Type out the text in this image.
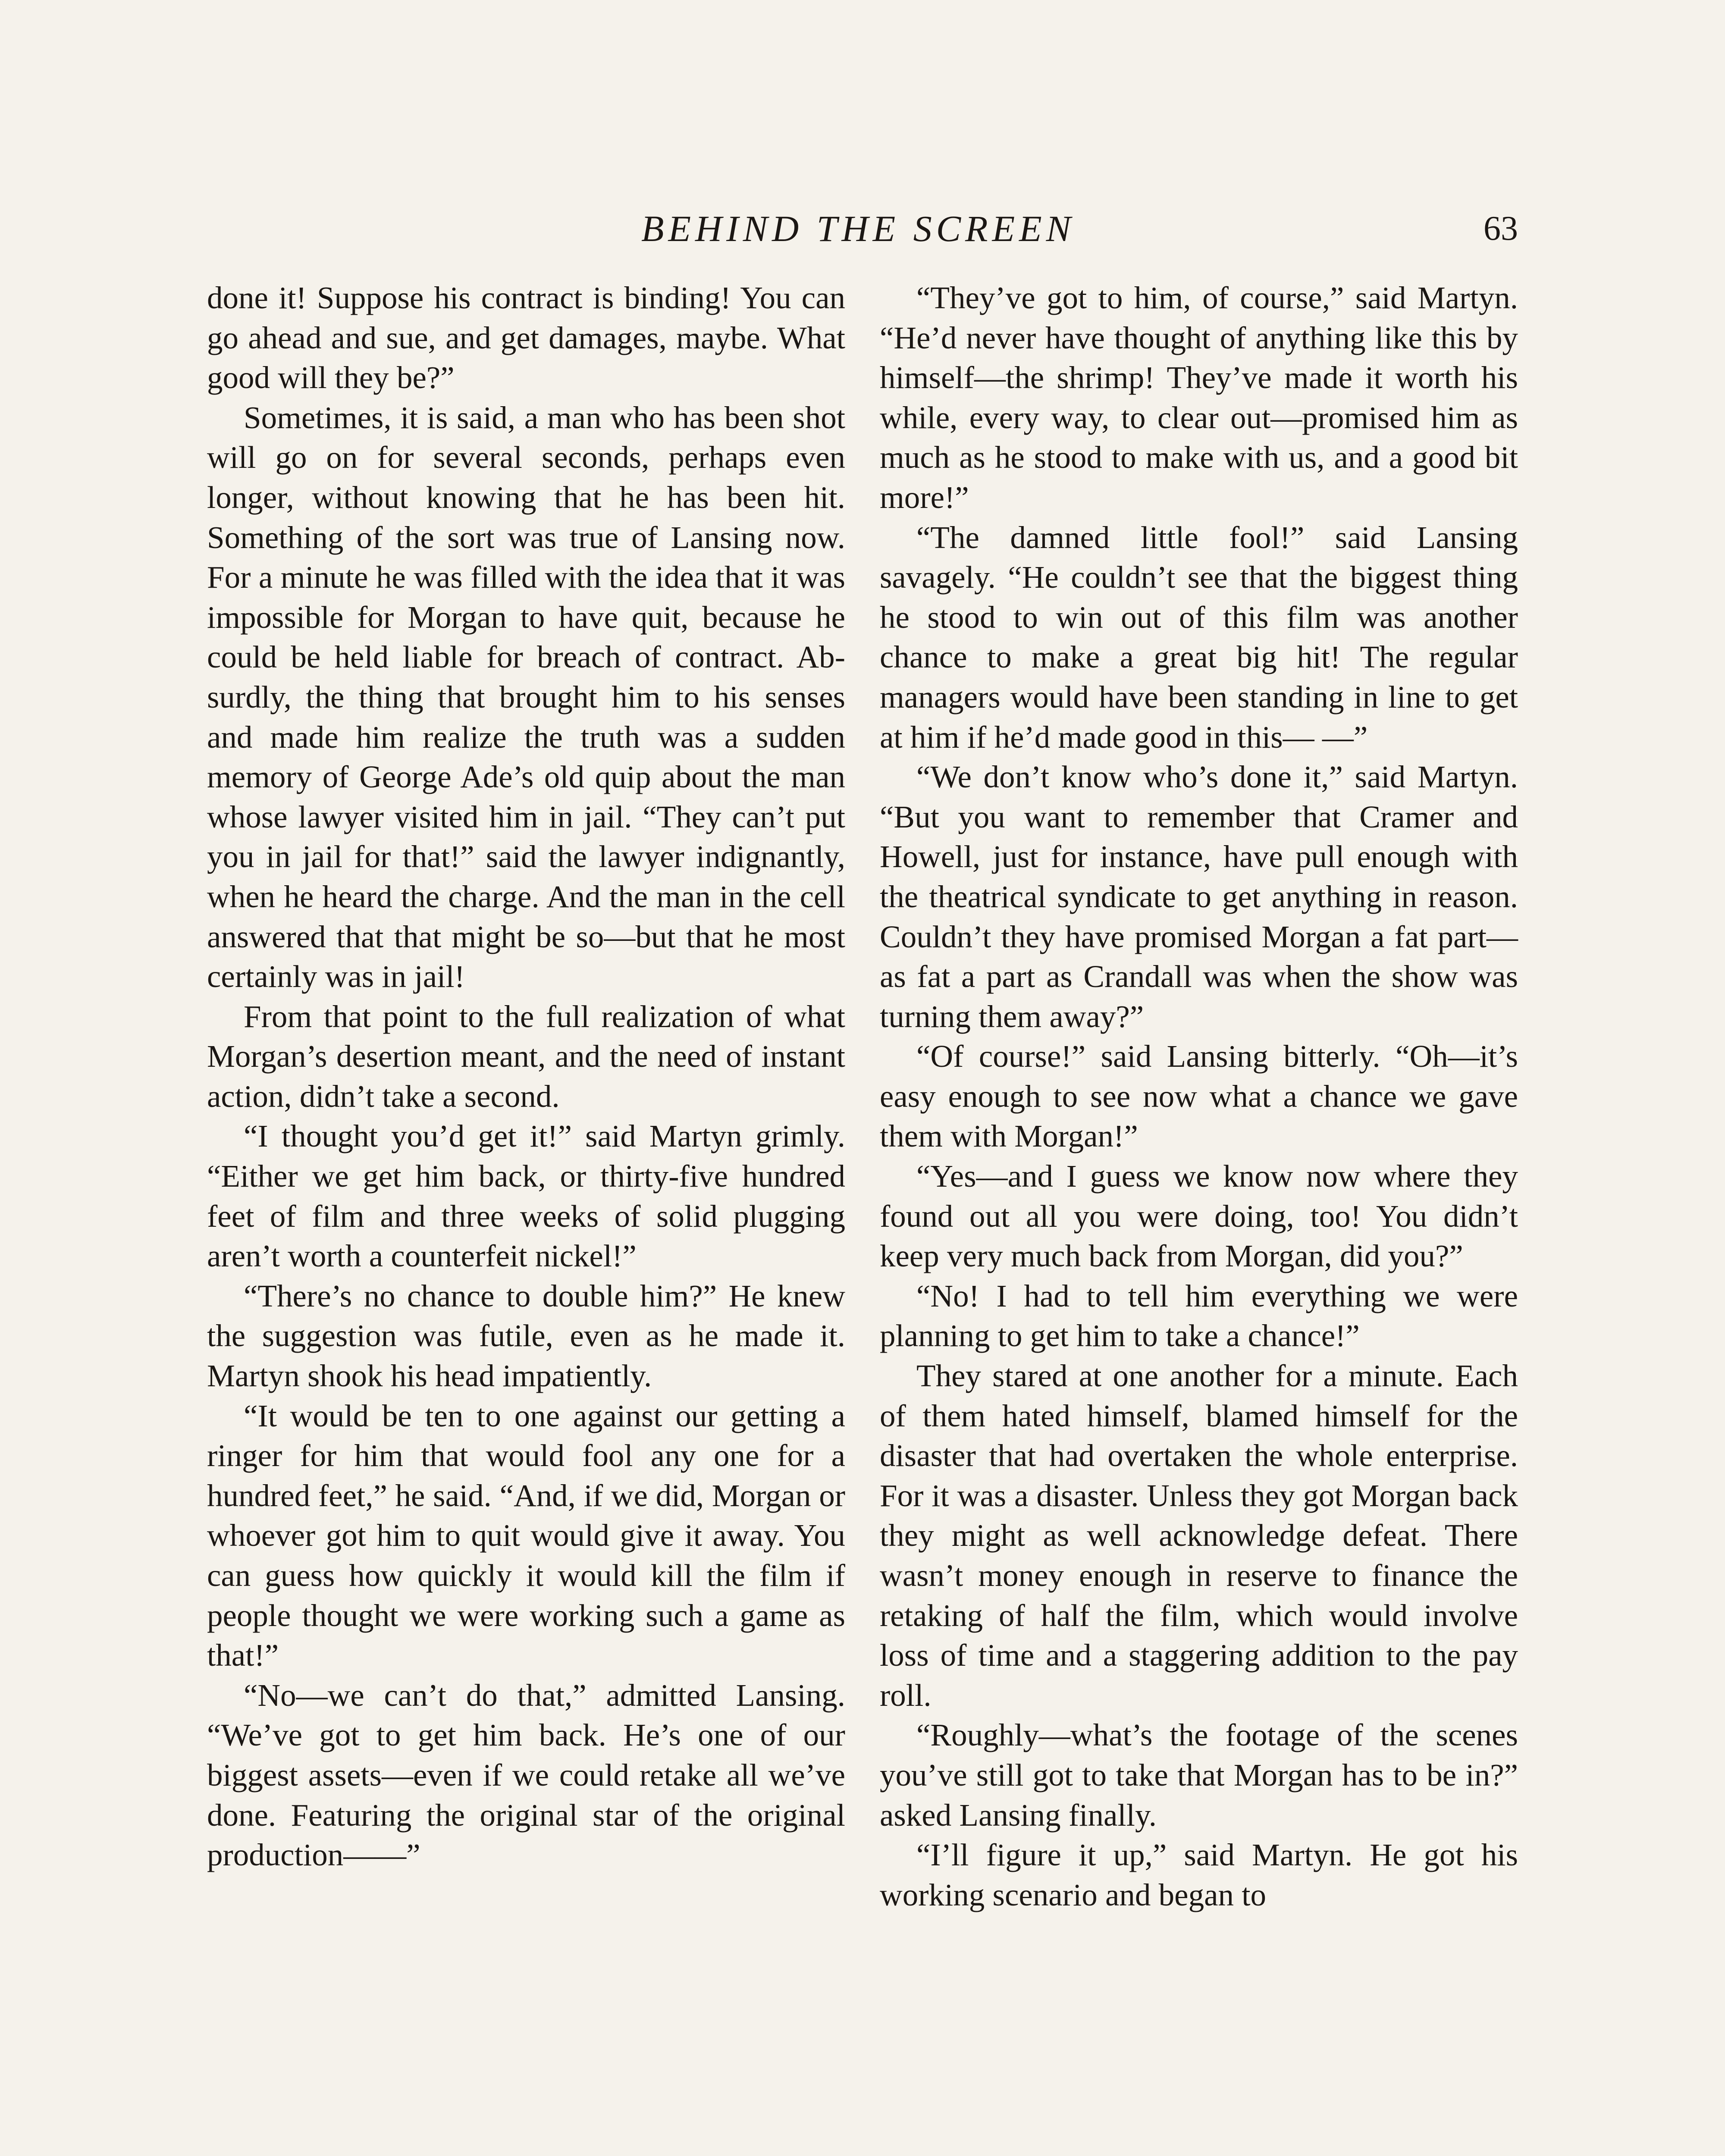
BEHIND THE SCREEN	63

done it! Suppose his contract is binding! You can go ahead and sue, and get damages, maybe. What good will they be?”

Sometimes, it is said, a man who has been shot will go on for several seconds, perhaps even longer, without knowing that he has been hit. Something of the sort was true of Lansing now. For a minute he was filled with the idea that it was impossible for Morgan to have quit, because he could be held liable for breach of contract. Absurdly, the thing that brought him to his senses and made him realize the truth was a sudden memory of George Ade’s old quip about the man whose lawyer visited him in jail. “They can’t put you in jail for that!” said the lawyer indignantly, when he heard the charge. And the man in the cell answered that that might be so—but that he most certainly was in jail!

From that point to the full realization of what Morgan’s desertion meant, and the need of instant action, didn’t take a second.

“I thought you’d get it!” said Martyn grimly. “Either we get him back, or thirty-five hundred feet of film and three weeks of solid plugging aren’t worth a counterfeit nickel!”

“There’s no chance to double him?” He knew the suggestion was futile, even as he made it. Martyn shook his head impatiently.

“It would be ten to one against our getting a ringer for him that would fool any one for a hundred feet,” he said. “And, if we did, Morgan or whoever got him to quit would give it away. You can guess how quickly it would kill the film if people thought we were working such a game as that!”

“No—we can’t do that,” admitted Lansing. “We’ve got to get him back. He’s one of our biggest assets—even if we could retake all we’ve done. Featuring the original star of the original production——”

“They’ve got to him, of course,” said Martyn. “He’d never have thought of anything like this by himself—the shrimp! They’ve made it worth his while, every way, to clear out—promised him as much as he stood to make with us, and a good bit more!”

“The damned little fool!” said Lansing savagely. “He couldn’t see that the biggest thing he stood to win out of this film was another chance to make a great big hit! The regular managers would have been standing in line to get at him if he’d made good in this— —”

“We don’t know who’s done it,” said Martyn. “But you want to remember that Cramer and Howell, just for instance, have pull enough with the theatrical syndicate to get anything in reason. Couldn’t they have promised Morgan a fat part—as fat a part as Crandall was when the show was turning them away?”

“Of course!” said Lansing bitterly. “Oh—it’s easy enough to see now what a chance we gave them with Morgan!”

“Yes—and I guess we know now where they found out all you were doing, too! You didn’t keep very much back from Morgan, did you?”

“No! I had to tell him everything we were planning to get him to take a chance!”

They stared at one another for a minute. Each of them hated himself, blamed himself for the disaster that had overtaken the whole enterprise. For it was a disaster. Unless they got Morgan back they might as well acknowledge defeat. There wasn’t money enough in reserve to finance the retaking of half the film, which would involve loss of time and a staggering addition to the pay roll.

“Roughly—what’s the footage of the scenes you’ve still got to take that Morgan has to be in?” asked Lansing finally.

“I’ll figure it up,” said Martyn. He got his working scenario and began to
